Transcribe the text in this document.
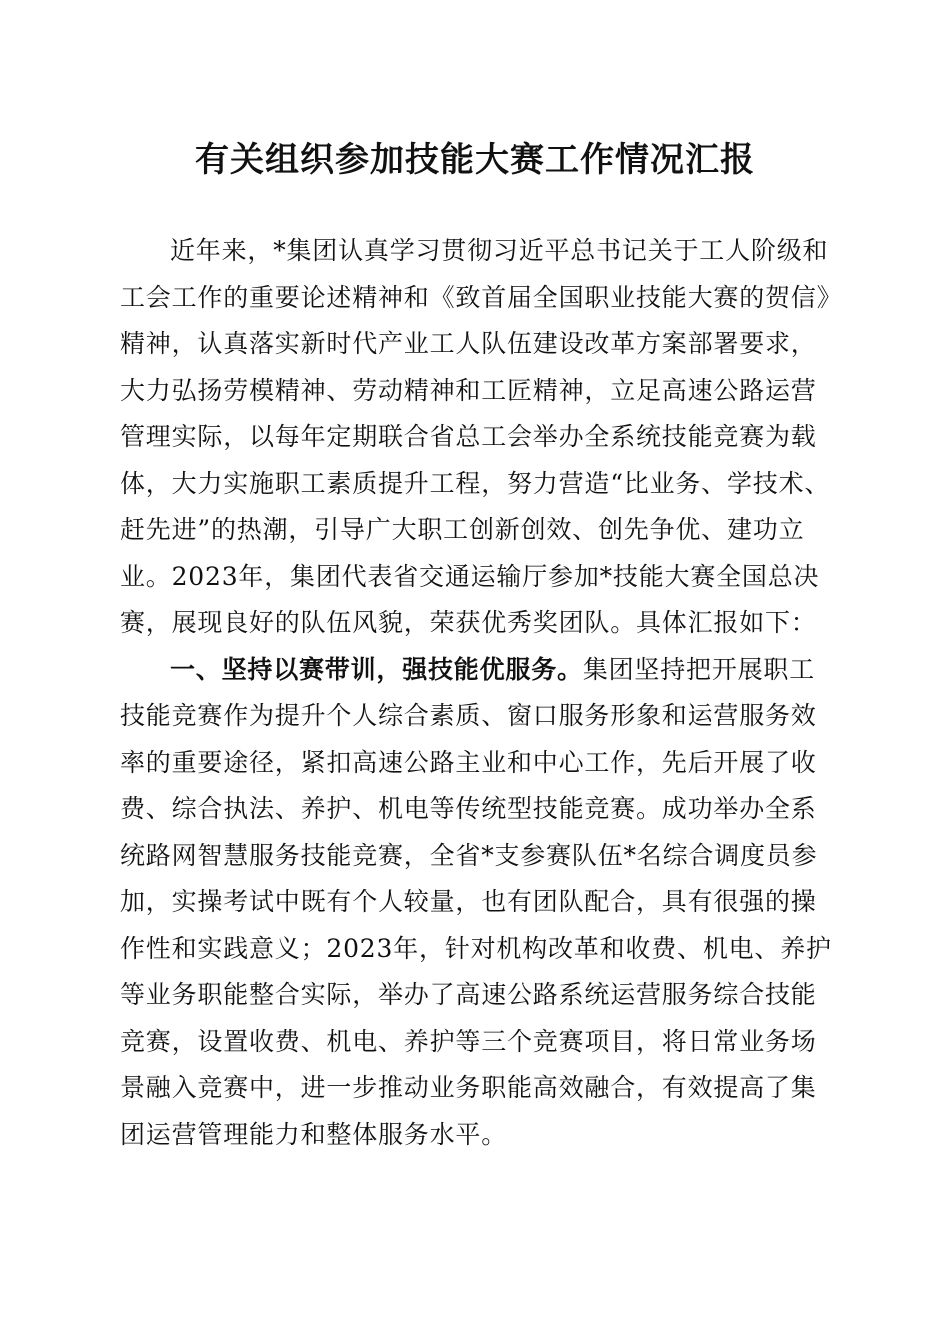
有关组织参加技能大赛工作情况汇报

近年来，*集团认真学习贯彻习近平总书记关于工人阶级和工会工作的重要论述精神和《致首届全国职业技能大赛的贺信》精神，认真落实新时代产业工人队伍建设改革方案部署要求，大力弘扬劳模精神、劳动精神和工匠精神，立足高速公路运营管理实际，以每年定期联合省总工会举办全系统技能竞赛为载体，大力实施职工素质提升工程，努力营造“比业务、学技术、赶先进”的热潮，引导广大职工创新创效、创先争优、建功立业。2023年，集团代表省交通运输厅参加*技能大赛全国总决赛，展现良好的队伍风貌，荣获优秀奖团队。具体汇报如下：

一、坚持以赛带训，强技能优服务。集团坚持把开展职工技能竞赛作为提升个人综合素质、窗口服务形象和运营服务效率的重要途径，紧扣高速公路主业和中心工作，先后开展了收费、综合执法、养护、机电等传统型技能竞赛。成功举办全系统路网智慧服务技能竞赛，全省*支参赛队伍*名综合调度员参加，实操考试中既有个人较量，也有团队配合，具有很强的操作性和实践意义；2023年，针对机构改革和收费、机电、养护等业务职能整合实际，举办了高速公路系统运营服务综合技能竞赛，设置收费、机电、养护等三个竞赛项目，将日常业务场景融入竞赛中，进一步推动业务职能高效融合，有效提高了集团运营管理能力和整体服务水平。
